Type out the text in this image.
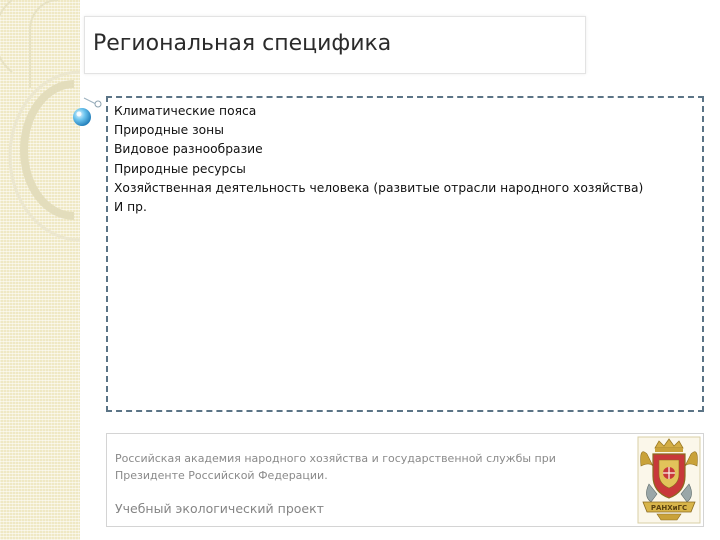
Региональная специфика
Климатические пояса
Природные зоны
Видовое разнообразие
Природные ресурсы
Хозяйственная деятельность человека (развитые отрасли народного хозяйства)
И пр.
Российская академия народного хозяйства и государственной службы при Президенте Российской Федерации.
Учебный экологический проект	РАНХиГС
